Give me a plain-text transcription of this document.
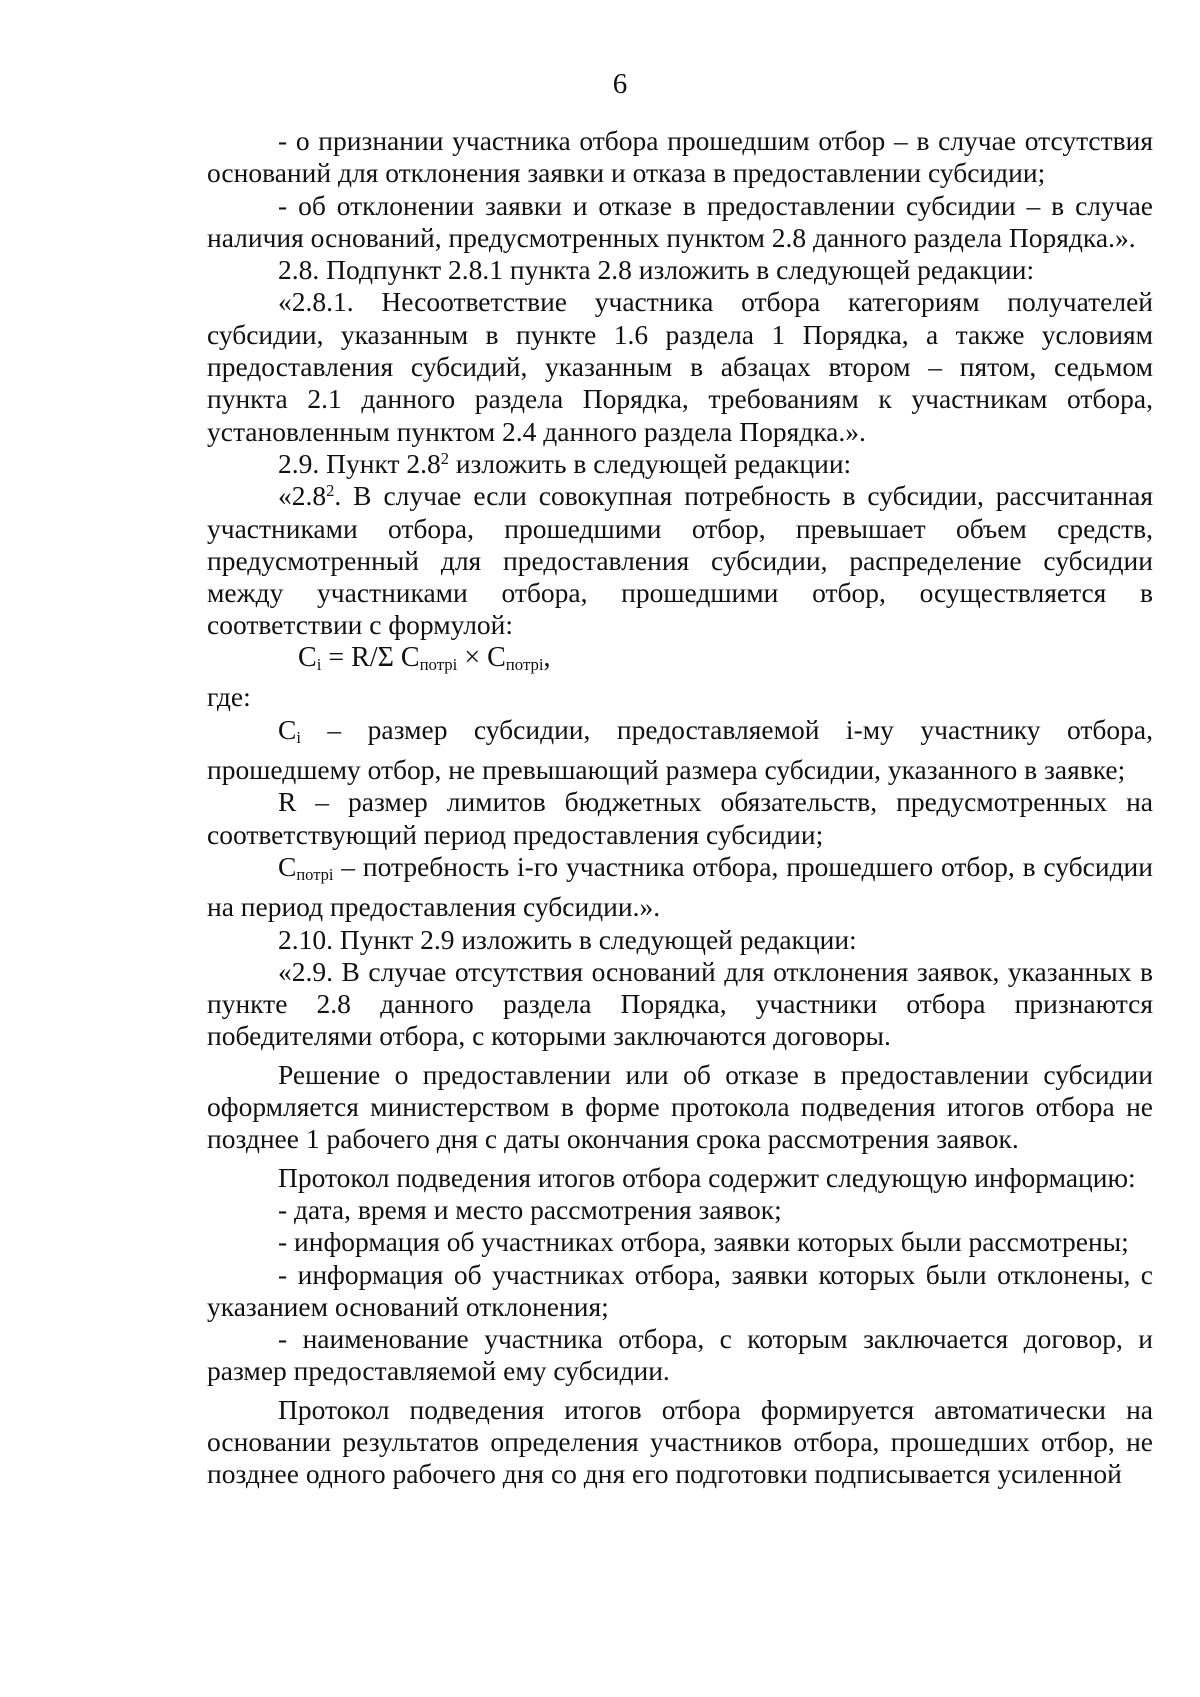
6

- о признании участника отбора прошедшим отбор – в случае отсутствия оснований для отклонения заявки и отказа в предоставлении субсидии;

- об отклонении заявки и отказе в предоставлении субсидии – в случае наличия оснований, предусмотренных пунктом 2.8 данного раздела Порядка.».

2.8. Подпункт 2.8.1 пункта 2.8 изложить в следующей редакции:

«2.8.1. Несоответствие участника отбора категориям получателей субсидии, указанным в пункте 1.6 раздела 1 Порядка, а также условиям предоставления субсидий, указанным в абзацах втором – пятом, седьмом пункта 2.1 данного раздела Порядка, требованиям к участникам отбора, установленным пунктом 2.4 данного раздела Порядка.».

2.9. Пункт $2.8^2$ изложить в следующей редакции:

«$2.8^2$. В случае если совокупная потребность в субсидии, рассчитанная участниками отбора, прошедшими отбор, превышает объем средств, предусмотренный для предоставления субсидии, распределение субсидии между участниками отбора, прошедшими отбор, осуществляется в соответствии с формулой:

$C_i = R/\Sigma$ $C_{потрi} \times C_{потрi}$,

где:

$C_i$ – размер субсидии, предоставляемой i-му участнику отбора, прошедшему отбор, не превышающий размера субсидии, указанного в заявке;

R – размер лимитов бюджетных обязательств, предусмотренных на соответствующий период предоставления субсидии;

$C_{потрi}$ – потребность i-го участника отбора, прошедшего отбор, в субсидии на период предоставления субсидии.».

2.10. Пункт 2.9 изложить в следующей редакции:

«2.9. В случае отсутствия оснований для отклонения заявок, указанных в пункте 2.8 данного раздела Порядка, участники отбора признаются победителями отбора, с которыми заключаются договоры.

Решение о предоставлении или об отказе в предоставлении субсидии оформляется министерством в форме протокола подведения итогов отбора не позднее 1 рабочего дня с даты окончания срока рассмотрения заявок.

Протокол подведения итогов отбора содержит следующую информацию:

- дата, время и место рассмотрения заявок;

- информация об участниках отбора, заявки которых были рассмотрены;

- информация об участниках отбора, заявки которых были отклонены, с указанием оснований отклонения;

- наименование участника отбора, с которым заключается договор, и размер предоставляемой ему субсидии.

Протокол подведения итогов отбора формируется автоматически на основании результатов определения участников отбора, прошедших отбор, не позднее одного рабочего дня со дня его подготовки подписывается усиленной
